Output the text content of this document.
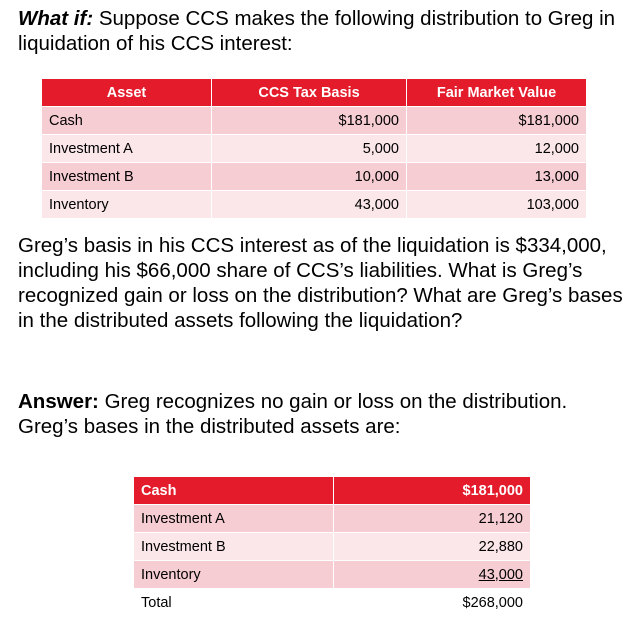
What if: Suppose CCS makes the following distribution to Greg in liquidation of his CCS interest:

Asset	CCS Tax Basis	Fair Market Value
Cash	$181,000	$181,000
Investment A	5,000	12,000
Investment B	10,000	13,000
Inventory	43,000	103,000

Greg’s basis in his CCS interest as of the liquidation is $334,000, including his $66,000 share of CCS’s liabilities. What is Greg’s recognized gain or loss on the distribution? What are Greg’s bases in the distributed assets following the liquidation?

Answer: Greg recognizes no gain or loss on the distribution. Greg’s bases in the distributed assets are:

Cash	$181,000
Investment A	21,120
Investment B	22,880
Inventory	43,000
Total	$268,000
